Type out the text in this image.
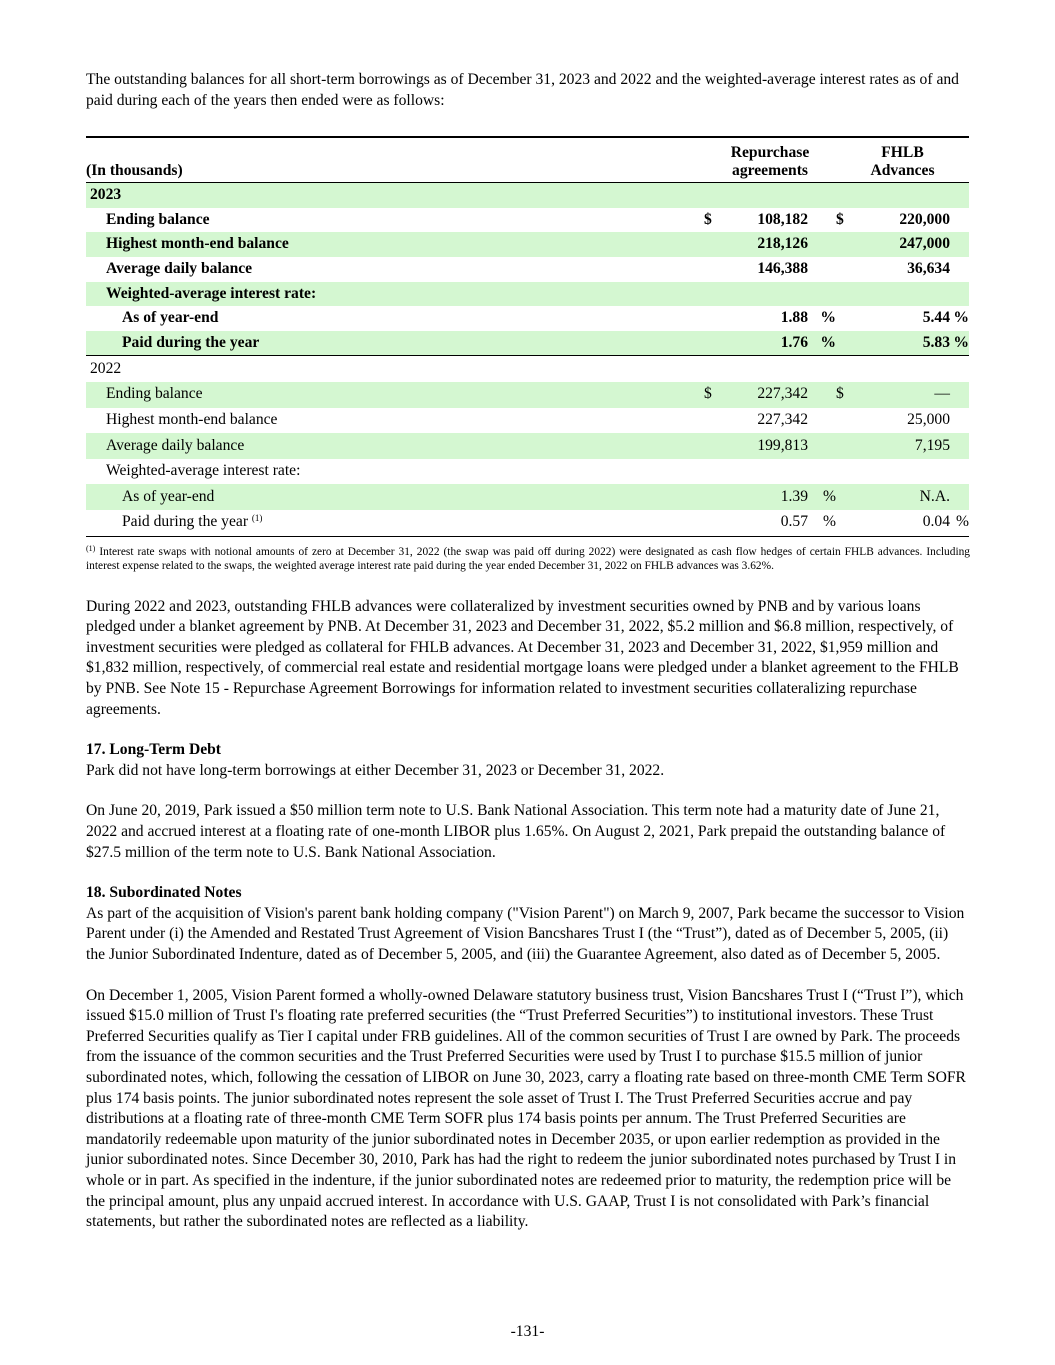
The outstanding balances for all short-term borrowings as of December 31, 2023 and 2022 and the weighted-average interest rates as of and paid during each of the years then ended were as follows:

(In thousands)	Repurchase
agreements			FHLB
Advances		
2023						
Ending balance	$	108,182		$	220,000	
Highest month-end balance		218,126			247,000	
Average daily balance		146,388			36,634	
Weighted-average interest rate:						
As of year-end		1.88	%		5.44	%
Paid during the year		1.76	%		5.83	%
2022						
Ending balance	$	227,342		$	—	
Highest month-end balance		227,342			25,000	
Average daily balance		199,813			7,195	
Weighted-average interest rate:						
As of year-end		1.39	%		N.A.	
Paid during the year $^{(1)}$		0.57	%		0.04	%

$^{(1)}$ Interest rate swaps with notional amounts of zero at December 31, 2022 (the swap was paid off during 2022) were designated as cash flow hedges of certain FHLB advances. Including interest expense related to the swaps, the weighted average interest rate paid during the year ended December 31, 2022 on FHLB advances was 3.62%.

During 2022 and 2023, outstanding FHLB advances were collateralized by investment securities owned by PNB and by various loans pledged under a blanket agreement by PNB. At December 31, 2023 and December 31, 2022, $5.2 million and $6.8 million, respectively, of investment securities were pledged as collateral for FHLB advances. At December 31, 2023 and December 31, 2022, $1,959 million and $1,832 million, respectively, of commercial real estate and residential mortgage loans were pledged under a blanket agreement to the FHLB by PNB. See Note 15 - Repurchase Agreement Borrowings for information related to investment securities collateralizing repurchase agreements.

17. Long-Term Debt

Park did not have long-term borrowings at either December 31, 2023 or December 31, 2022.

On June 20, 2019, Park issued a $50 million term note to U.S. Bank National Association. This term note had a maturity date of June 21, 2022 and accrued interest at a floating rate of one-month LIBOR plus 1.65%. On August 2, 2021, Park prepaid the outstanding balance of $27.5 million of the term note to U.S. Bank National Association.

18. Subordinated Notes

As part of the acquisition of Vision's parent bank holding company ("Vision Parent") on March 9, 2007, Park became the successor to Vision Parent under (i) the Amended and Restated Trust Agreement of Vision Bancshares Trust I (the “Trust”), dated as of December 5, 2005, (ii) the Junior Subordinated Indenture, dated as of December 5, 2005, and (iii) the Guarantee Agreement, also dated as of December 5, 2005.

On December 1, 2005, Vision Parent formed a wholly-owned Delaware statutory business trust, Vision Bancshares Trust I (“Trust I”), which issued $15.0 million of Trust I's floating rate preferred securities (the “Trust Preferred Securities”) to institutional investors. These Trust Preferred Securities qualify as Tier I capital under FRB guidelines. All of the common securities of Trust I are owned by Park. The proceeds from the issuance of the common securities and the Trust Preferred Securities were used by Trust I to purchase $15.5 million of junior subordinated notes, which, following the cessation of LIBOR on June 30, 2023, carry a floating rate based on three-month CME Term SOFR plus 174 basis points. The junior subordinated notes represent the sole asset of Trust I. The Trust Preferred Securities accrue and pay distributions at a floating rate of three-month CME Term SOFR plus 174 basis points per annum. The Trust Preferred Securities are mandatorily redeemable upon maturity of the junior subordinated notes in December 2035, or upon earlier redemption as provided in the junior subordinated notes. Since December 30, 2010, Park has had the right to redeem the junior subordinated notes purchased by Trust I in whole or in part. As specified in the indenture, if the junior subordinated notes are redeemed prior to maturity, the redemption price will be the principal amount, plus any unpaid accrued interest. In accordance with U.S. GAAP, Trust I is not consolidated with Park’s financial statements, but rather the subordinated notes are reflected as a liability.

-131-
